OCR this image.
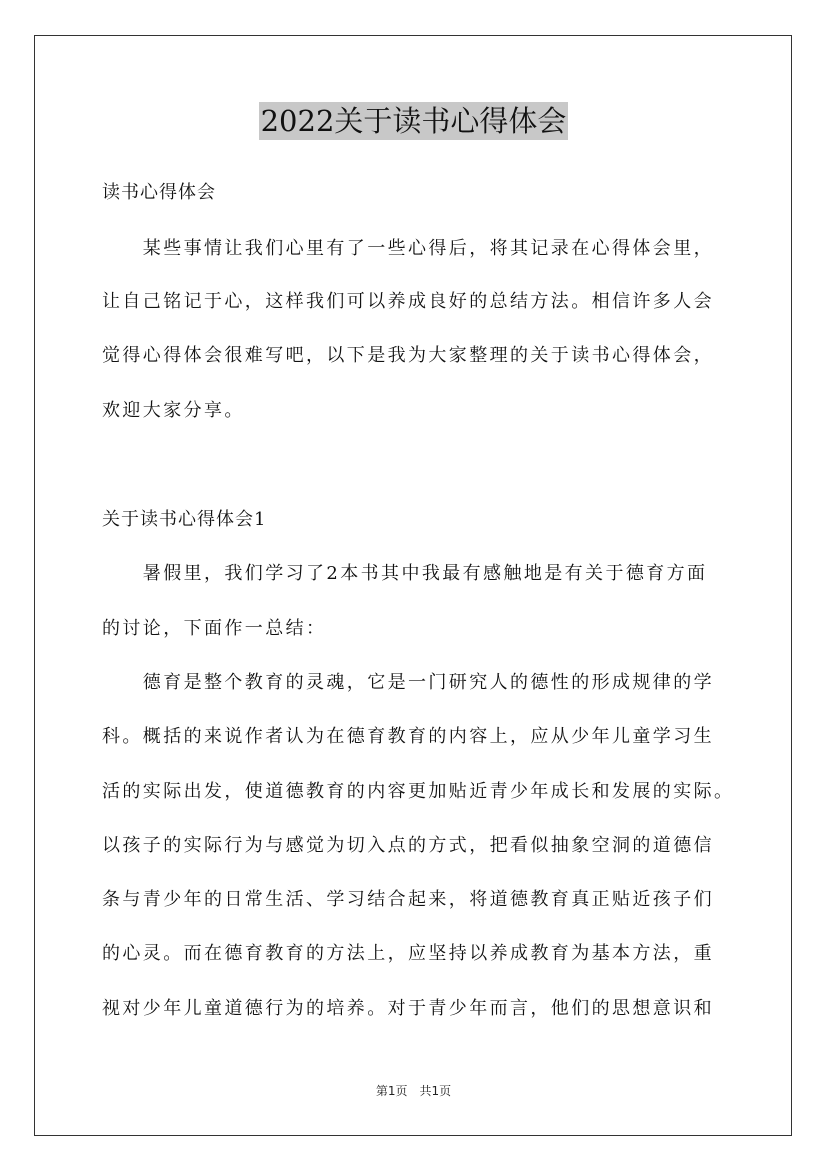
2022关于读书心得体会
读书心得体会
　　某些事情让我们心里有了一些心得后，将其记录在心得体会里，
让自己铭记于心，这样我们可以养成良好的总结方法。相信许多人会
觉得心得体会很难写吧，以下是我为大家整理的关于读书心得体会，
欢迎大家分享。
关于读书心得体会1
　　暑假里，我们学习了2本书其中我最有感触地是有关于德育方面
的讨论，下面作一总结：
　　德育是整个教育的灵魂，它是一门研究人的德性的形成规律的学
科。概括的来说作者认为在德育教育的内容上，应从少年儿童学习生
活的实际出发，使道德教育的内容更加贴近青少年成长和发展的实际。
以孩子的实际行为与感觉为切入点的方式，把看似抽象空洞的道德信
条与青少年的日常生活、学习结合起来，将道德教育真正贴近孩子们
的心灵。而在德育教育的方法上，应坚持以养成教育为基本方法，重
视对少年儿童道德行为的培养。对于青少年而言，他们的思想意识和
第1页　共1页
